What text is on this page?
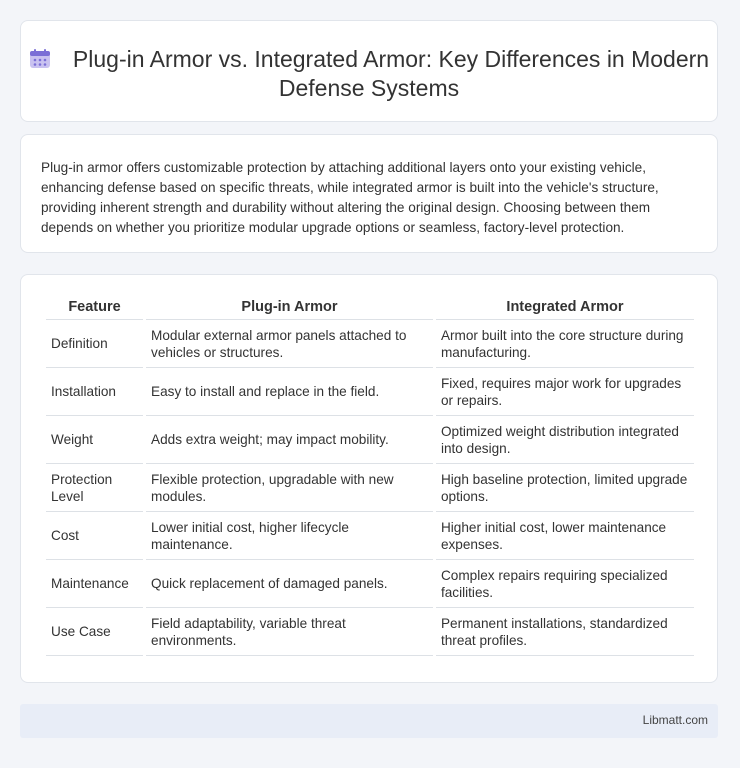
Plug-in Armor vs. Integrated Armor: Key Differences in Modern Defense Systems

Plug-in armor offers customizable protection by attaching additional layers onto your existing vehicle, enhancing defense based on specific threats, while integrated armor is built into the vehicle's structure, providing inherent strength and durability without altering the original design. Choosing between them depends on whether you prioritize modular upgrade options or seamless, factory-level protection.

Feature	Plug-in Armor	Integrated Armor
Definition	Modular external armor panels attached to vehicles or structures.	Armor built into the core structure during manufacturing.
Installation	Easy to install and replace in the field.	Fixed, requires major work for upgrades or repairs.
Weight	Adds extra weight; may impact mobility.	Optimized weight distribution integrated into design.
Protection Level	Flexible protection, upgradable with new modules.	High baseline protection, limited upgrade options.
Cost	Lower initial cost, higher lifecycle maintenance.	Higher initial cost, lower maintenance expenses.
Maintenance	Quick replacement of damaged panels.	Complex repairs requiring specialized facilities.
Use Case	Field adaptability, variable threat environments.	Permanent installations, standardized threat profiles.
Libmatt.com
